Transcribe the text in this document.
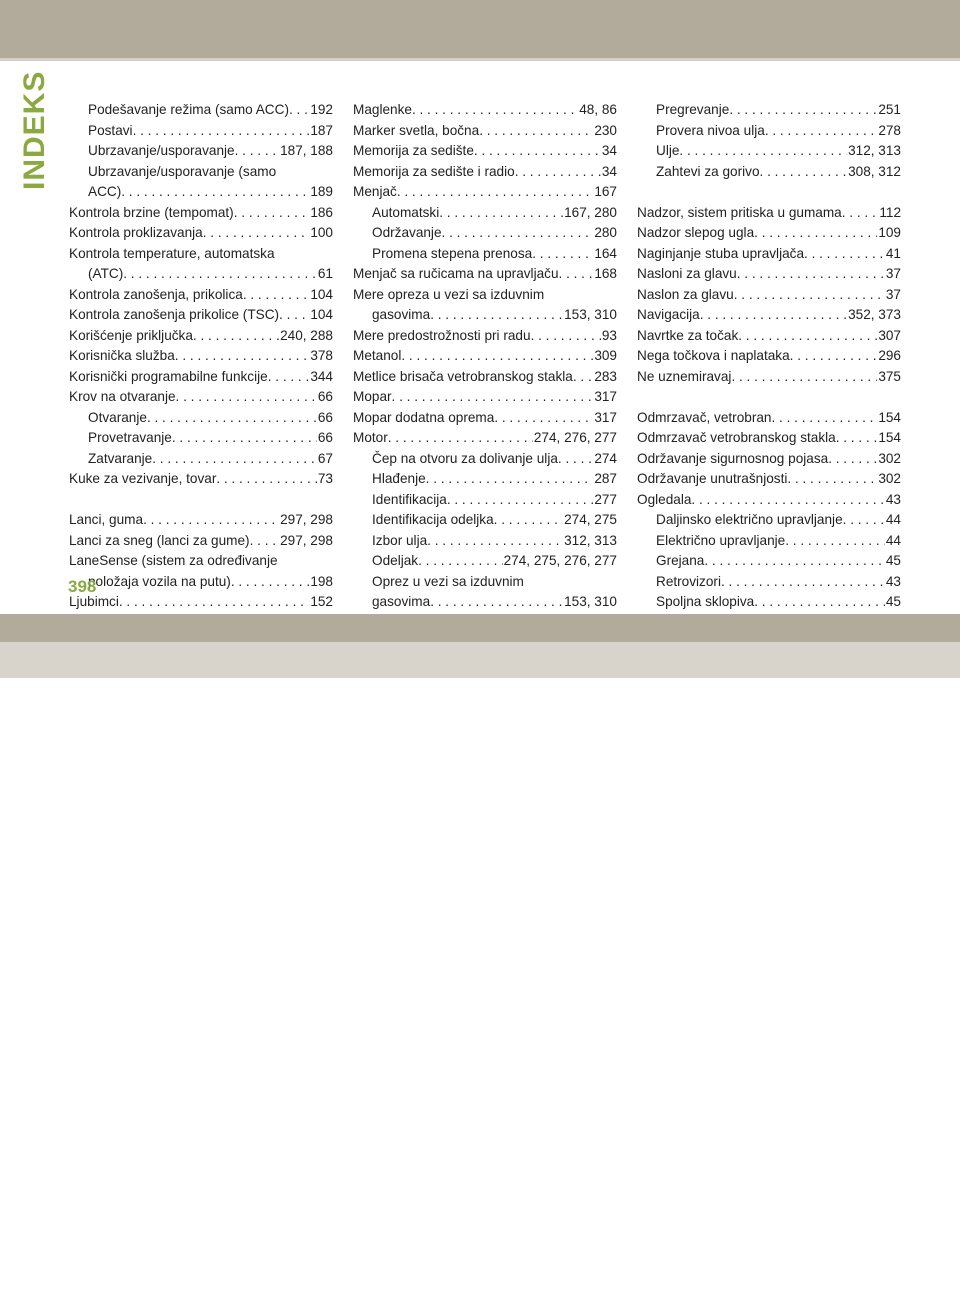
INDEKS	Podešavanje režima (samo ACC) . . . 192
Postavi . . .	187
Ubrzavanje/usporavanje . . .	187, 188
Ubrzavanje/usporavanje (samo
ACC) . . .	189
Kontrola brzine (tempomat) . . .	186
Kontrola proklizavanja . . .	100
Kontrola temperature, automatska
(ATC) . . .	61
Kontrola zanošenja, prikolica . . .	104
Kontrola zanošenja prikolice (TSC) . . . 104
Korišćenje priključka . . .	240, 288
Korisnička služba . . .	378
Korisnički programabilne funkcije . . .	344
Krov na otvaranje . . .	66
Otvaranje . . .	66
Provetravanje . . .	66
Zatvaranje . . .	67
Kuke za vezivanje, tovar . . .	73
Lanci, guma . . .	297, 298
Lanci za sneg (lanci za gume) . . . 297, 298
LaneSense (sistem za određivanje
položaja vozila na putu) . . .	198
Ljubimci . . .	152
. . .
Maglenke . . .	48, 86
Marker svetla, bočna . . .	230
Memorija za sedište . . .	34
Memorija za sedište i radio . . .	34
Menjač . . .	167
Automatski . . .	167, 280
Održavanje . . .	280
Promena stepena prenosa . . .	164
Menjač sa ručicama na upravljaču . . .	168
Mere opreza u vezi sa izduvnim
gasovima . . .	153, 310
Mere predostrožnosti pri radu . . .	93
Metanol . . .	309
Metlice brisača vetrobranskog stakla . . . 283
Mopar . . .	317
Mopar dodatna oprema . . .	317
Motor . . .	274, 276, 277
Čep na otvoru za dolivanje ulja . . .	274
Hlađenje . . .	287
Identifikacija . . .	277
Identifikacija odeljka . . .	274, 275
Izbor ulja . . .	312, 313
Odeljak . . .	274, 275, 276, 277
Oprez u vezi sa izduvnim
gasovima . . .	153, 310
. . .
. . .
Pregrevanje . . .	251
Provera nivoa ulja . . .	278
Ulje . . .	312, 313
Zahtevi za gorivo . . .	308, 312
Nadzor, sistem pritiska u gumama . . .	112
Nadzor slepog ugla . . .	109
Naginjanje stuba upravljača . . .	41
Nasloni za glavu . . .	37
Naslon za glavu . . .	37
Navigacija . . .	352, 373
Navrtke za točak . . .	307
Nega točkova i naplataka . . .	296
Ne uznemiravaj . . .	375
Odmrzavač, vetrobran . . .	154
Odmrzavač vetrobranskog stakla . . .	154
Održavanje sigurnosnog pojasa . . .	302
Održavanje unutrašnjosti . . .	302
Ogledala . . .	43
Daljinsko električno upravljanje . . .	44
Električno upravljanje . . .	44
Grejana . . .	45
Retrovizori . . .	43
Spoljna sklopiva . . .	45
. . .
. . .
398
carmanualsonline.info
